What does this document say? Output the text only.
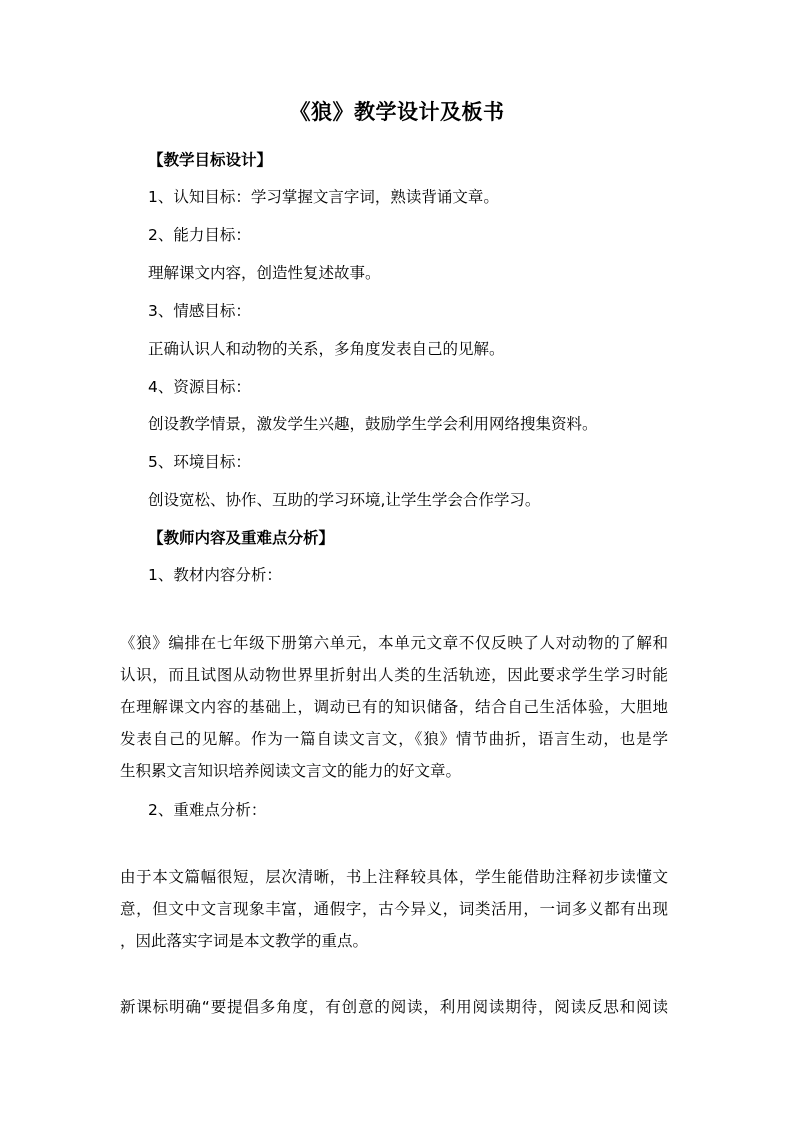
《狼》教学设计及板书
【教学目标设计】
1、认知目标：学习掌握文言字词，熟读背诵文章。
2、能力目标：
理解课文内容，创造性复述故事。
3、情感目标：
正确认识人和动物的关系，多角度发表自己的见解。
4、资源目标：
创设教学情景，激发学生兴趣，鼓励学生学会利用网络搜集资料。
5、环境目标：
创设宽松、协作、互助的学习环境,让学生学会合作学习。
【教师内容及重难点分析】
1、教材内容分析：
《狼》编排在七年级下册第六单元，本单元文章不仅反映了人对动物的了解和
认识，而且试图从动物世界里折射出人类的生活轨迹，因此要求学生学习时能
在理解课文内容的基础上，调动已有的知识储备，结合自己生活体验，大胆地
发表自己的见解。作为一篇自读文言文，《狼》情节曲折，语言生动，也是学
生积累文言知识培养阅读文言文的能力的好文章。
2、重难点分析：
由于本文篇幅很短，层次清晰，书上注释较具体，学生能借助注释初步读懂文
意，但文中文言现象丰富，通假字，古今异义，词类活用，一词多义都有出现
，因此落实字词是本文教学的重点。
新课标明确“要提倡多角度，有创意的阅读，利用阅读期待，阅读反思和阅读
